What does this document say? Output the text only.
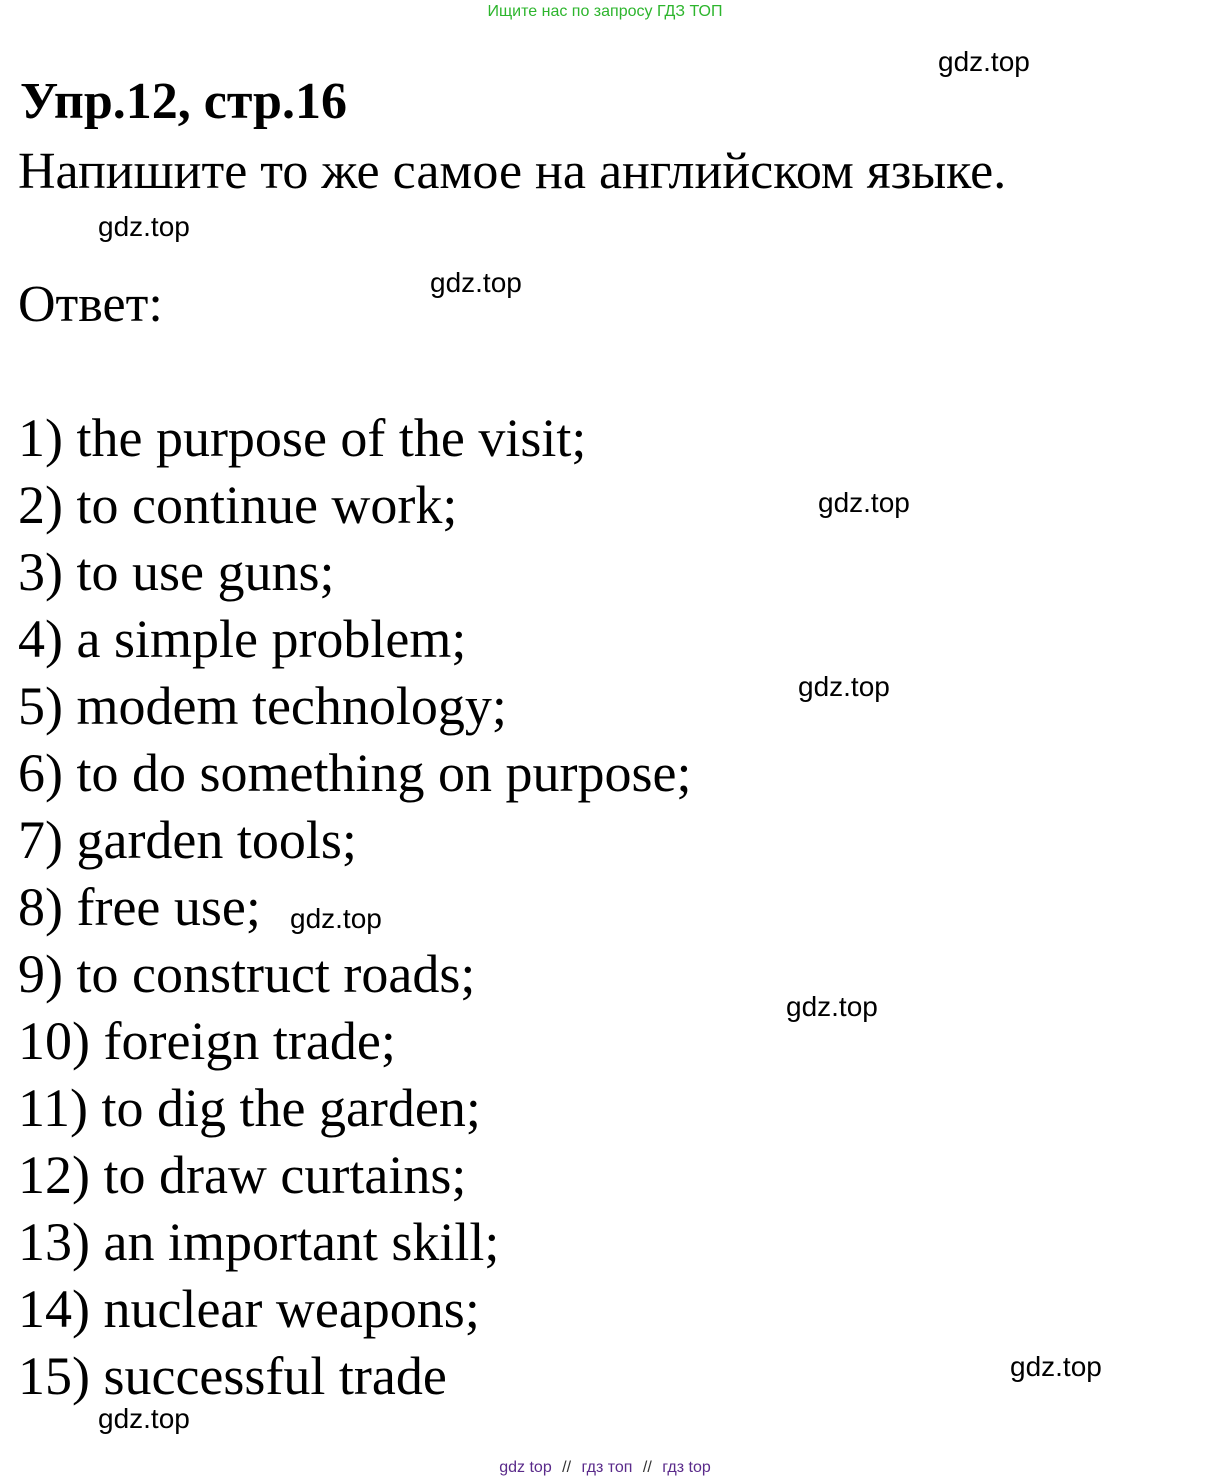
Ищите нас по запросу ГДЗ ТОП
Упр.12, стр.16
Напишите то же самое на английском языке.
Ответ:
1) the purpose of the visit;
2) to continue work;
3) to use guns;
4) a simple problem;
5) modem technology;
6) to do something on purpose;
7) garden tools;
8) free use;
9) to construct roads;
10) foreign trade;
11) to dig the garden;
12) to draw curtains;
13) an important skill;
14) nuclear weapons;
15) successful trade
gdz.top
gdz.top
gdz.top
gdz.top
gdz.top
gdz.top
gdz.top
gdz.top
gdz.top
gdz top // гдз топ // гдз top
